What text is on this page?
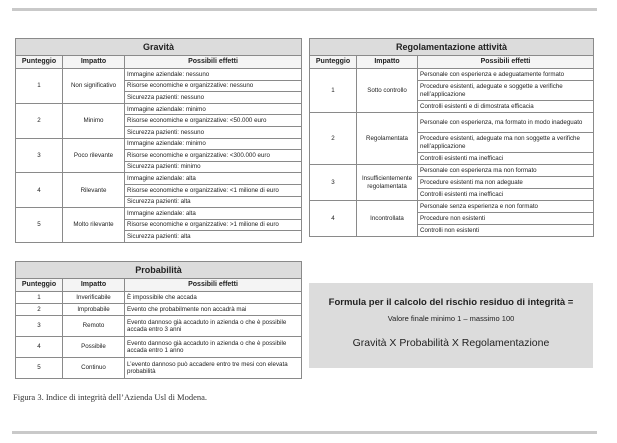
Gravità		
Punteggio	Impatto	Possibili effetti
1	Non significativo	Immagine aziendale: nessuno
		Risorse economiche e organizzative: nessuno
		Sicurezza pazienti: nessuno
2	Minimo	Immagine aziendale: minimo
		Risorse economiche e organizzative: <50.000 euro
		Sicurezza pazienti: nessuno
3	Poco rilevante	Immagine aziendale: minimo
		Risorse economiche e organizzative: <300.000 euro
		Sicurezza pazienti: minimo
4	Rilevante	Immagine aziendale: alta
		Risorse economiche e organizzative: <1 milione di euro
		Sicurezza pazienti: alta
5	Molto rilevante	Immagine aziendale: alta
		Risorse economiche e organizzative: >1 milione di euro
		Sicurezza pazienti: alta
Regolamentazione attività		
Punteggio	Impatto	Possibili effetti
1	Sotto controllo	Personale con esperienza e adeguatamente formato
		Procedure esistenti, adeguate e soggette a verifiche nell’applicazione
		Controlli esistenti e di dimostrata efficacia
2	Regolamentata	Personale con esperienza, ma formato in modo inadeguato
		Procedure esistenti, adeguate ma non soggette a verifiche nell’applicazione
		Controlli esistenti ma inefficaci
3	Insufficientemente regolamentata	Personale con esperienza ma non formato
		Procedure esistenti ma non adeguate
		Controlli esistenti ma inefficaci
4	Incontrollata	Personale senza esperienza e non formato
		Procedure non esistenti
		Controlli non esistenti
Probabilità		
Punteggio	Impatto	Possibili effetti
1	Inverificabile	È impossibile che accada
2	Improbabile	Evento che probabilmente non accadrà mai
3	Remoto	Evento dannoso già accaduto in azienda o che è possibile accada entro 3 anni
4	Possibile	Evento dannoso già accaduto in azienda o che è possibile accada entro 1 anno
5	Continuo	L’evento dannoso può accadere entro tre mesi con elevata probabilità
Formula per il calcolo del rischio residuo di integrità =
Valore finale minimo 1 – massimo 100
Gravità X Probabilità X Regolamentazione
Figura 3. Indice di integrità dell’Azienda Usl di Modena.
